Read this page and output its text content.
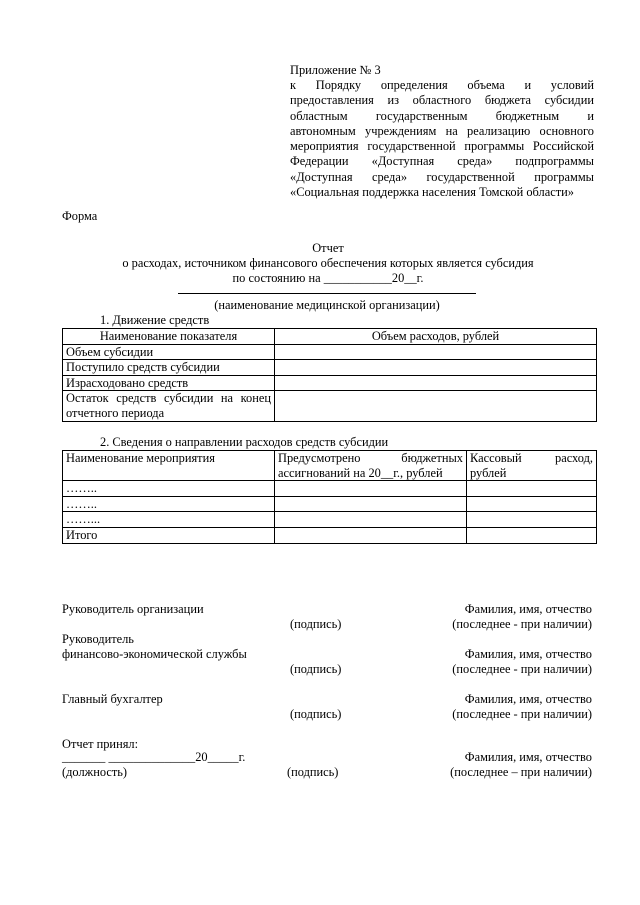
Приложение № 3
к Порядку определения объема и условий
предоставления из областного бюджета субсидии
областным государственным бюджетным и
автономным учреждениям на реализацию основного
мероприятия государственной программы Российской
Федерации «Доступная среда» подпрограммы
«Доступная среда» государственной программы
«Социальная поддержка населения Томской области»
Форма
Отчет
о расходах, источником финансового обеспечения которых является субсидия
по состоянию на ___________20__г.
(наименование медицинской организации)
1. Движение средств
Наименование показателя	Объем расходов, рублей
Объем субсидии	
Поступило средств субсидии	
Израсходовано средств	
Остаток средств субсидии на конец отчетного периода	
2. Сведения о направлении расходов средств субсидии
Наименование мероприятия	Предусмотрено бюджетных ассигнований на 20__г., рублей	Кассовый расход, рублей
……..		
……..		
……...		
Итого		
Руководитель организации	Фамилия, имя, отчество
(подпись)	(последнее - при наличии)
Руководитель
финансово-экономической службы	Фамилия, имя, отчество
(подпись)	(последнее - при наличии)
Главный бухгалтер	Фамилия, имя, отчество
(подпись)	(последнее - при наличии)
Отчет принял:
_______ ______________20_____г.	Фамилия, имя, отчество
(должность)	(подпись)	(последнее – при наличии)
